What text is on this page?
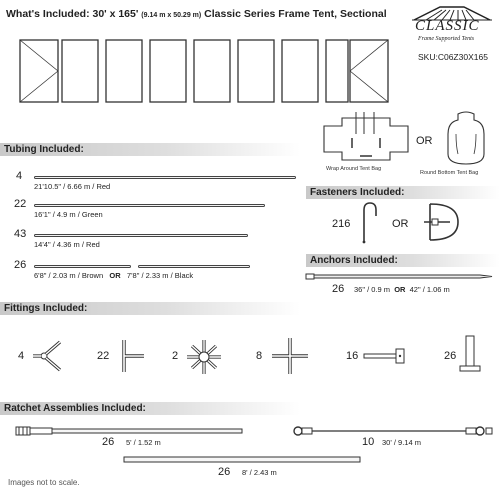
What's Included: 30' x 165' (9.14 m x 50.29 m) Classic Series Frame Tent, Sectional
CLASSIC
Frame Supported Tents
SKU:C06Z30X165
Wrap Around Tent Bag
OR
Round Bottom Tent Bag
Tubing Included:
4
21'10.5" / 6.66 m / Red
22
16'1" / 4.9 m / Green
43
14'4" / 4.36 m / Red
26
6'8" / 2.03 m / Brown OR 7'8" / 2.33 m / Black
Fasteners Included:
216	OR
Anchors Included:
26 36" / 0.9 m OR 42" / 1.06 m
Fittings Included:
4	22	2	8	16	26
Ratchet Assemblies Included:
26 5' / 1.52 m	10 30' / 9.14 m
26 8' / 2.43 m
Images not to scale.
